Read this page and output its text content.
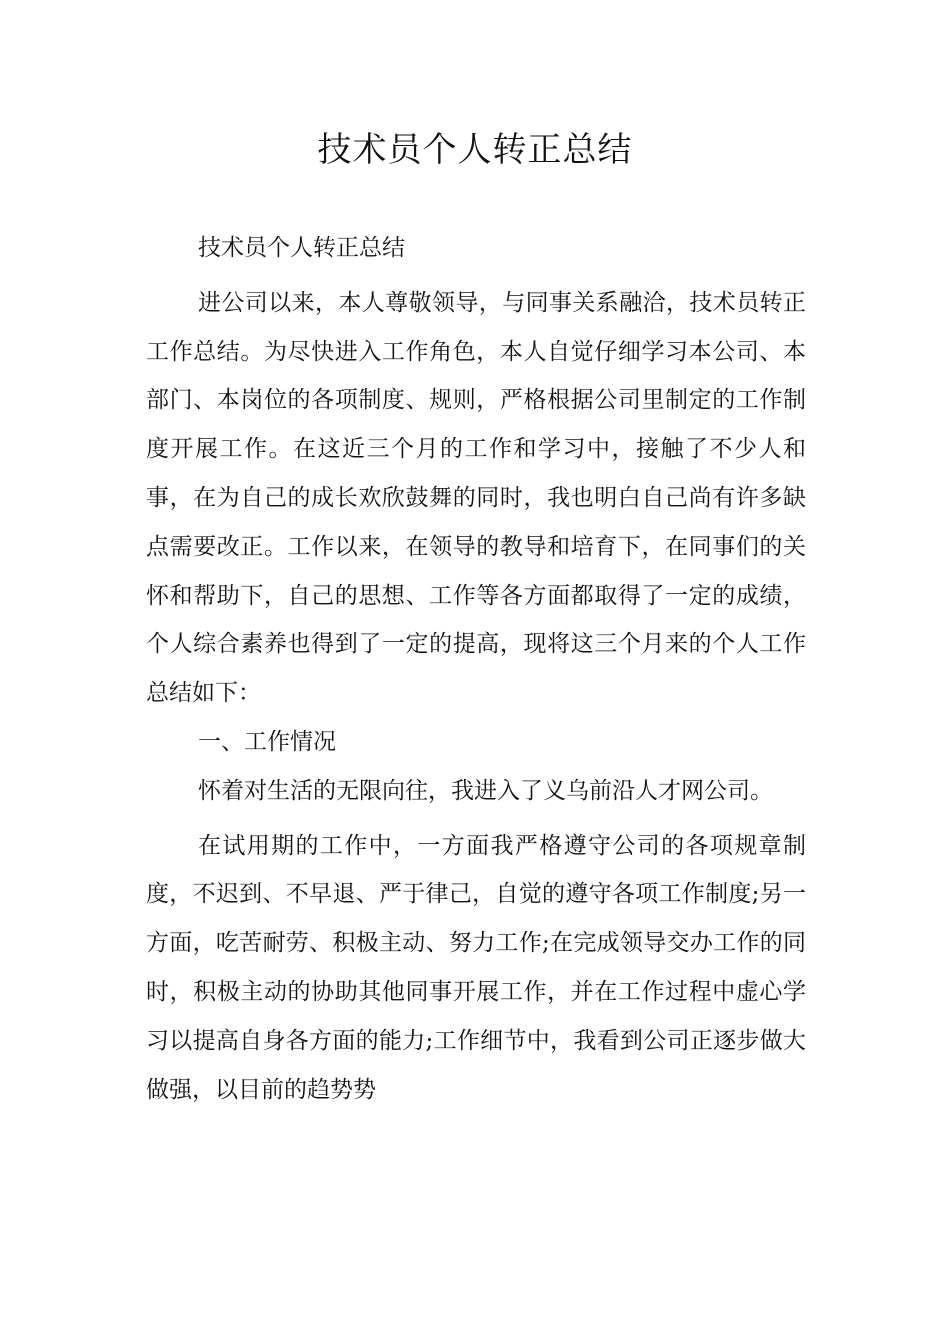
技术员个人转正总结

技术员个人转正总结

进公司以来，本人尊敬领导，与同事关系融洽，技术员转正工作总结。为尽快进入工作角色，本人自觉仔细学习本公司、本部门、本岗位的各项制度、规则，严格根据公司里制定的工作制度开展工作。在这近三个月的工作和学习中，接触了不少人和事，在为自己的成长欢欣鼓舞的同时，我也明白自己尚有许多缺点需要改正。工作以来，在领导的教导和培育下，在同事们的关怀和帮助下，自己的思想、工作等各方面都取得了一定的成绩，个人综合素养也得到了一定的提高，现将这三个月来的个人工作总结如下：

一、工作情况

怀着对生活的无限向往，我进入了义乌前沿人才网公司。

在试用期的工作中，一方面我严格遵守公司的各项规章制度，不迟到、不早退、严于律己，自觉的遵守各项工作制度;另一方面，吃苦耐劳、积极主动、努力工作;在完成领导交办工作的同时，积极主动的协助其他同事开展工作，并在工作过程中虚心学习以提高自身各方面的能力;工作细节中，我看到公司正逐步做大做强，以目前的趋势势
